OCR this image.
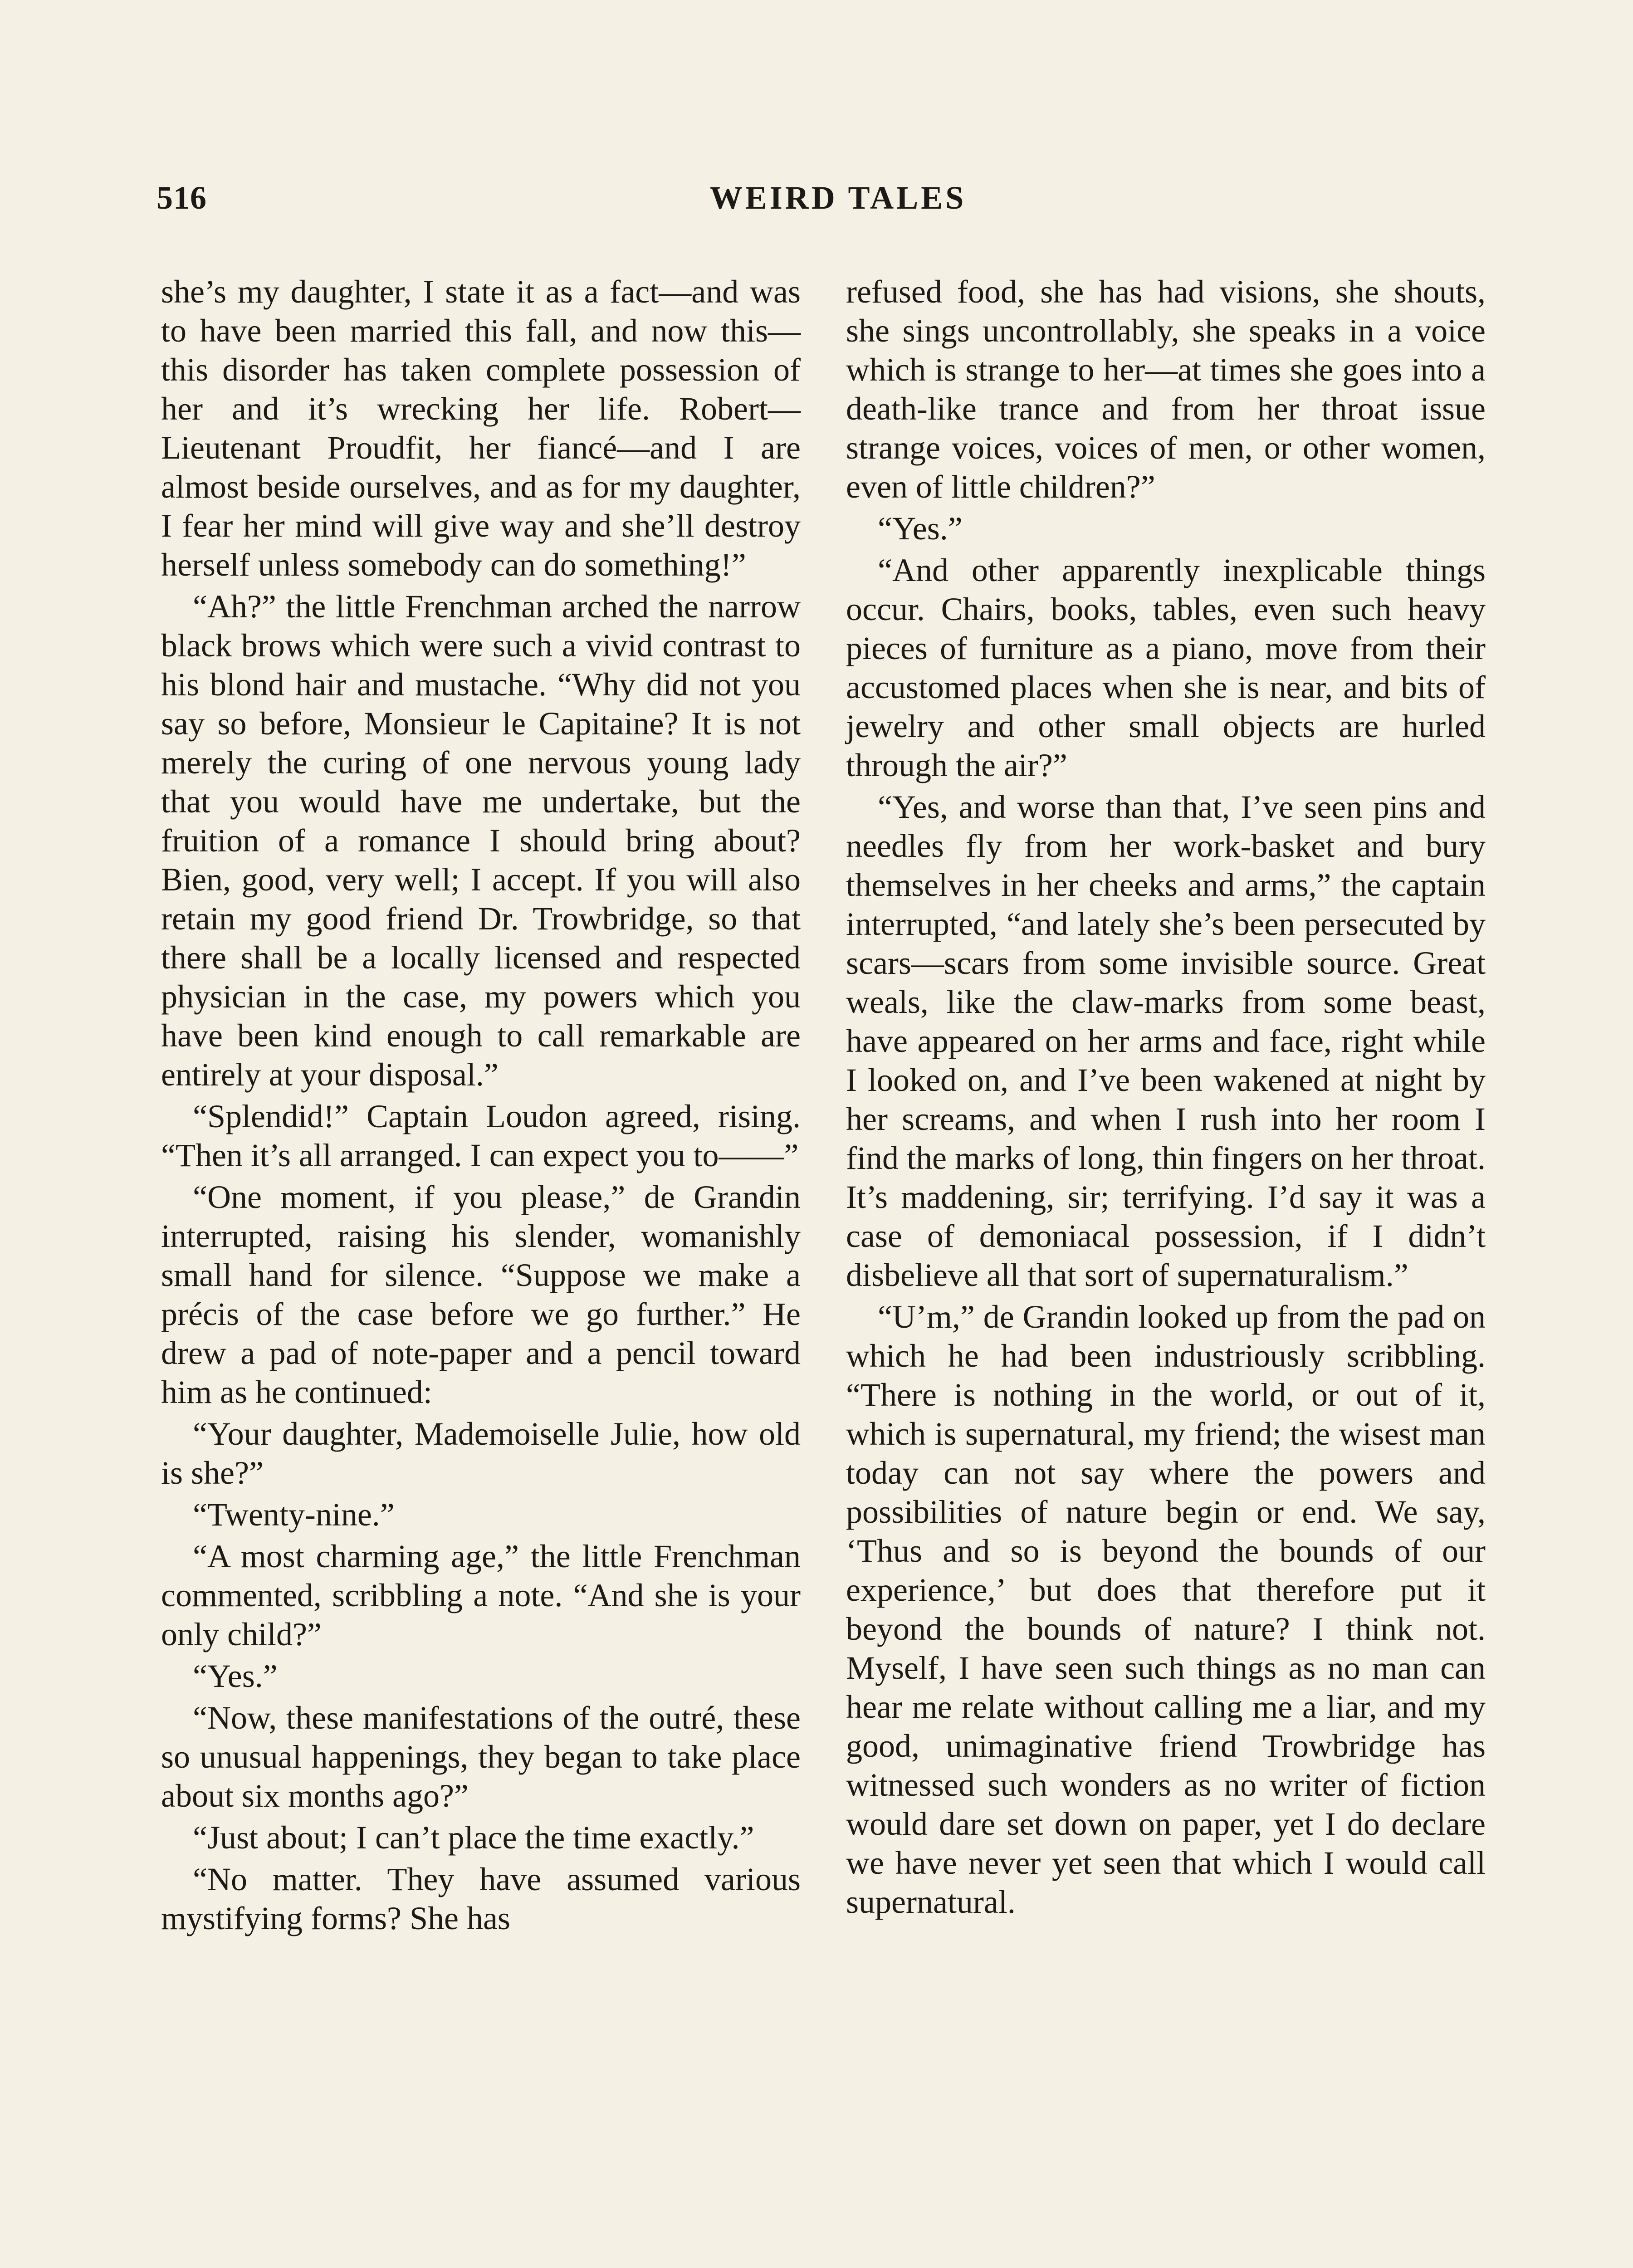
516	WEIRD TALES

she’s my daughter, I state it as a fact—and was to have been married this fall, and now this—this disorder has taken complete possession of her and it’s wrecking her life. Robert—Lieutenant Proudfit, her fiancé—and I are almost beside ourselves, and as for my daughter, I fear her mind will give way and she’ll destroy herself unless somebody can do something!”

“Ah?” the little Frenchman arched the narrow black brows which were such a vivid contrast to his blond hair and mustache. “Why did not you say so before, Monsieur le Capitaine? It is not merely the curing of one nervous young lady that you would have me undertake, but the fruition of a romance I should bring about? Bien, good, very well; I accept. If you will also retain my good friend Dr. Trowbridge, so that there shall be a locally licensed and respected physician in the case, my powers which you have been kind enough to call remarkable are entirely at your disposal.”

“Splendid!” Captain Loudon agreed, rising. “Then it’s all arranged. I can expect you to——”

“One moment, if you please,” de Grandin interrupted, raising his slender, womanishly small hand for silence. “Suppose we make a précis of the case before we go further.” He drew a pad of note-paper and a pencil toward him as he continued:

“Your daughter, Mademoiselle Julie, how old is she?”

“Twenty-nine.”

“A most charming age,” the little Frenchman commented, scribbling a note. “And she is your only child?”

“Yes.”

“Now, these manifestations of the outré, these so unusual happenings, they began to take place about six months ago?”

“Just about; I can’t place the time exactly.”

“No matter. They have assumed various mystifying forms? She has

refused food, she has had visions, she shouts, she sings uncontrollably, she speaks in a voice which is strange to her—at times she goes into a death-like trance and from her throat issue strange voices, voices of men, or other women, even of little children?”

“Yes.”

“And other apparently inexplicable things occur. Chairs, books, tables, even such heavy pieces of furniture as a piano, move from their accustomed places when she is near, and bits of jewelry and other small objects are hurled through the air?”

“Yes, and worse than that, I’ve seen pins and needles fly from her work-basket and bury themselves in her cheeks and arms,” the captain interrupted, “and lately she’s been persecuted by scars—scars from some invisible source. Great weals, like the claw-marks from some beast, have appeared on her arms and face, right while I looked on, and I’ve been wakened at night by her screams, and when I rush into her room I find the marks of long, thin fingers on her throat. It’s maddening, sir; terrifying. I’d say it was a case of demoniacal possession, if I didn’t disbelieve all that sort of supernaturalism.”

“U’m,” de Grandin looked up from the pad on which he had been industriously scribbling. “There is nothing in the world, or out of it, which is supernatural, my friend; the wisest man today can not say where the powers and possibilities of nature begin or end. We say, ‘Thus and so is beyond the bounds of our experience,’ but does that therefore put it beyond the bounds of nature? I think not. Myself, I have seen such things as no man can hear me relate without calling me a liar, and my good, unimaginative friend Trowbridge has witnessed such wonders as no writer of fiction would dare set down on paper, yet I do declare we have never yet seen that which I would call supernatural.
